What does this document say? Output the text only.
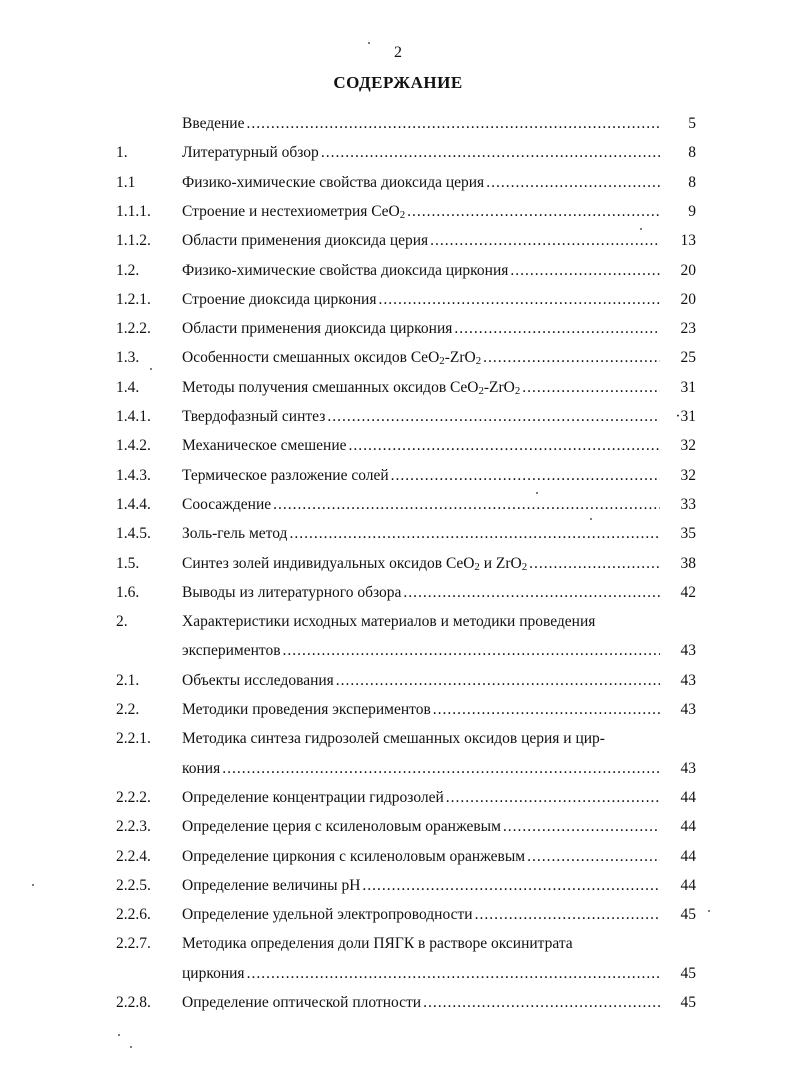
2
СОДЕРЖАНИЕ
Введение .....	5
1.	Литературный обзор .....	8
1.1	Физико-химические свойства диоксида церия .....	8
1.1.1. Строение и нестехиометрия CeO$_2$ .....	9
1.1.2. Области применения диоксида церия .....	13
1.2.	Физико-химические свойства диоксида циркония .....	20
1.2.1. Строение диоксида циркония .....	20
1.2.2. Области применения диоксида циркония .....	23
1.3.	Особенности смешанных оксидов CeO$_2$-ZrO$_2$ .....	25
1.4.	Методы получения смешанных оксидов CeO$_2$-ZrO$_2$ .....	31
1.4.1. Твердофазный синтез .....	·31
1.4.2. Механическое смешение .....	32
1.4.3. Термическое разложение солей .....	32
1.4.4. Соосаждение .....	33
1.4.5. Золь-гель метод .....	35
1.5.	Синтез золей индивидуальных оксидов CeO$_2$ и ZrO$_2$ .....	38
1.6.	Выводы из литературного обзора .....	42
2.	Характеристики исходных материалов и методики проведения
экспериментов .....	43
2.1.	Объекты исследования .....	43
2.2.	Методики проведения экспериментов .....	43
2.2.1. Методика синтеза гидрозолей смешанных оксидов церия и цир-
кония .....	43
2.2.2. Определение концентрации гидрозолей .....	44
2.2.3. Определение церия с ксиленоловым оранжевым .....	44
2.2.4. Определение циркония с ксиленоловым оранжевым .....	44
2.2.5. Определение величины pH .....	44
2.2.6. Определение удельной электропроводности .....	45
2.2.7. Методика определения доли ПЯГК в растворе оксинитрата
циркония .....	45
2.2.8. Определение оптической плотности .....	45
